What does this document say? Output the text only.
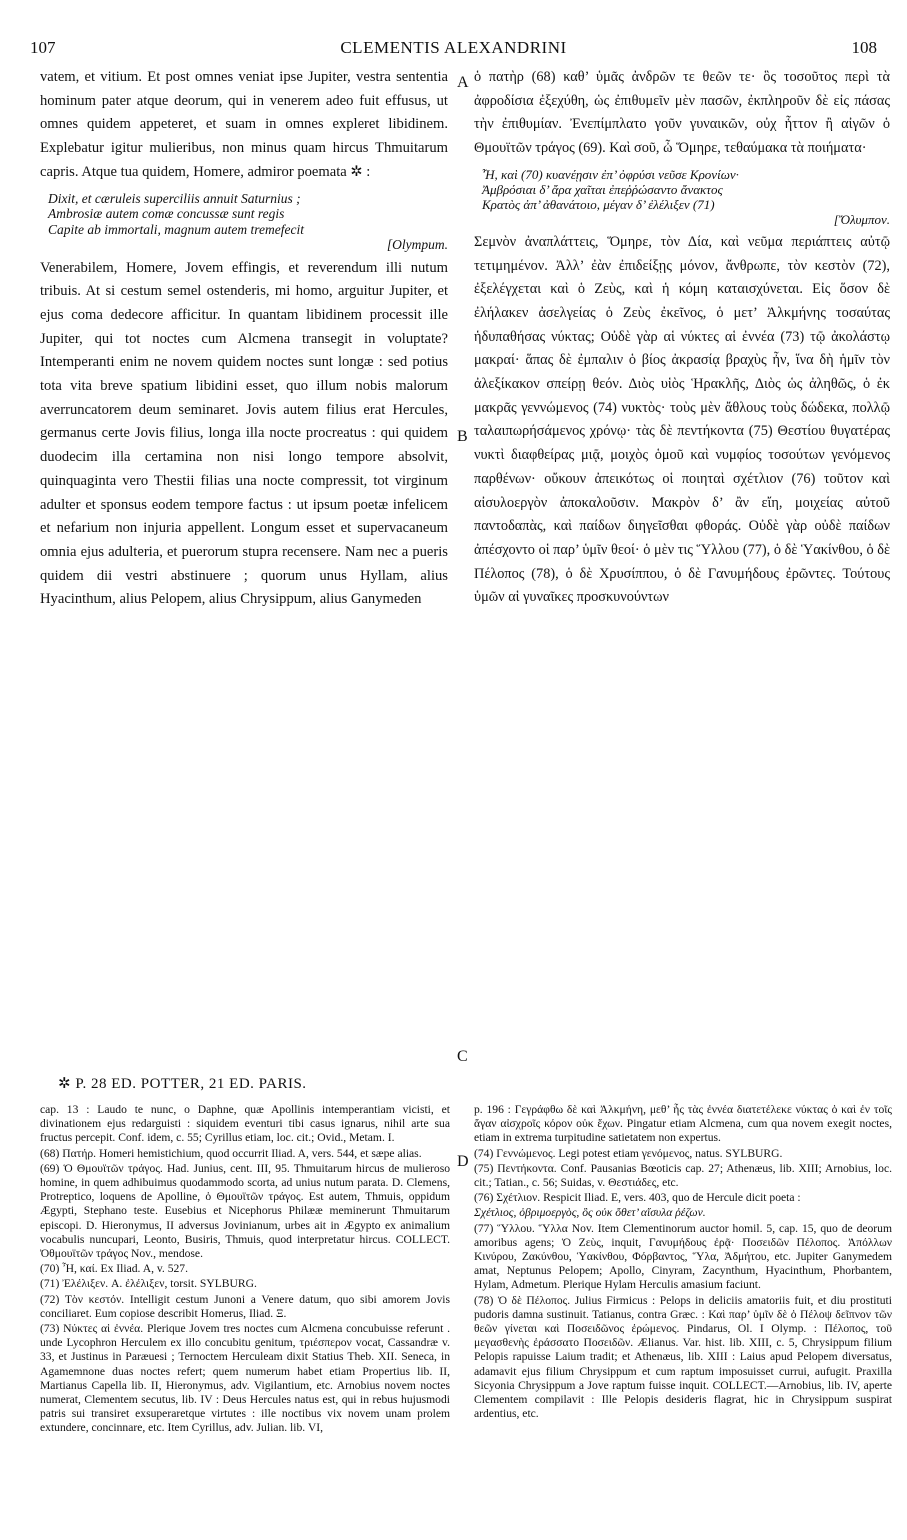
107	CLEMENTIS ALEXANDRINI	108

vatem, et vitium. Et post omnes veniat ipse Jupiter, vestra sententia hominum pater atque deorum, qui in venerem adeo fuit effusus, ut omnes quidem appeteret, et suam in omnes expleret libidinem. Explebatur igitur mulieribus, non minus quam hircus Thmuitarum capris. Atque tua quidem, Homere, admiror poemata ✲ :

Dixit, et cæruleis superciliis annuit Saturnius ;
Ambrosiæ autem comæ concussæ sunt regis
Capite ab immortali, magnum autem tremefecit
[Olympum.

Venerabilem, Homere, Jovem effingis, et reverendum illi nutum tribuis. At si cestum semel ostenderis, mi homo, arguitur Jupiter, et ejus coma dedecore afficitur. In quantam libidinem processit ille Jupiter, qui tot noctes cum Alcmena transegit in voluptate? Intemperanti enim ne novem quidem noctes sunt longæ : sed potius tota vita breve spatium libidini esset, quo illum nobis malorum averruncatorem deum seminaret. Jovis autem filius erat Hercules, germanus certe Jovis filius, longa illa nocte procreatus : qui quidem duodecim illa certamina non nisi longo tempore absolvit, quinquaginta vero Thestii filias una nocte compressit, tot virginum adulter et sponsus eodem tempore factus : ut ipsum poetæ infelicem et nefarium non injuria appellent. Longum esset et supervacaneum omnia ejus adulteria, et puerorum stupra recensere. Nam nec a pueris quidem dii vestri abstinuere ; quorum unus Hyllam, alius Hyacinthum, alius Pelopem, alius Chrysippum, alius Ganymeden

ὁ πατὴρ (68) καθ’ ὑμᾶς ἀνδρῶν τε θεῶν τε· ὃς τοσοῦτος περὶ τὰ ἀφροδίσια ἐξεχύθη, ὡς ἐπιθυμεῖν μὲν πασῶν, ἐκπληροῦν δὲ εἰς πάσας τὴν ἐπιθυμίαν. Ἐνεπίμπλατο γοῦν γυναικῶν, οὐχ ἧττον ἢ αἰγῶν ὁ Θμουϊτῶν τράγος (69). Καὶ σοῦ, ὦ Ὅμηρε, τεθαύμακα τὰ ποιήματα·

Ἦ, καὶ (70) κυανέῃσιν ἐπ’ ὀφρύσι νεῦσε Κρονίων·
Ἀμβρόσιαι δ’ ἄρα χαῖται ἐπεῤῥώσαντο ἄνακτος
Κρατὸς ἀπ’ ἀθανάτοιο, μέγαν δ’ ἐλέλιξεν (71)
[Ὄλυμπον.

Σεμνὸν ἀναπλάττεις, Ὅμηρε, τὸν Δία, καὶ νεῦμα περιάπτεις αὐτῷ τετιμημένον. Ἀλλ’ ἐὰν ἐπιδείξῃς μόνον, ἄνθρωπε, τὸν κεστὸν (72), ἐξελέγχεται καὶ ὁ Ζεὺς, καὶ ἡ κόμη καταισχύνεται. Εἰς ὅσον δὲ ἐλήλακεν ἀσελγείας ὁ Ζεὺς ἐκεῖνος, ὁ μετ’ Ἀλκμήνης τοσαύτας ἡδυπαθήσας νύκτας; Οὐδὲ γὰρ αἱ νύκτες αἱ ἐννέα (73) τῷ ἀκολάστῳ μακραί· ἅπας δὲ ἐμπαλιν ὁ βίος ἀκρασίᾳ βραχὺς ἦν, ἵνα δὴ ἡμῖν τὸν ἀλεξίκακον σπείρῃ θεόν. Διὸς υἱὸς Ἡρακλῆς, Διὸς ὡς ἀληθῶς, ὁ ἐκ μακρᾶς γεννώμενος (74) νυκτὸς· τοὺς μὲν ἄθλους τοὺς δώδεκα, πολλῷ ταλαιπωρήσάμενος χρόνῳ· τὰς δὲ πεντήκοντα (75) Θεστίου θυγατέρας νυκτὶ διαφθείρας μιᾷ, μοιχὸς ὁμοῦ καὶ νυμφίος τοσούτων γενόμενος παρθένων· οὔκουν ἀπεικότως οἱ ποιηταὶ σχέτλιον (76) τοῦτον καὶ αἰσυλοεργὸν ἀποκαλοῦσιν. Μακρὸν δ’ ἂν εἴη, μοιχείας αὐτοῦ παντοδαπὰς, καὶ παίδων διηγεῖσθαι φθοράς. Οὐδὲ γὰρ οὐδὲ παίδων ἀπέσχοντο οἱ παρ’ ὑμῖν θεοί· ὁ μὲν τις Ὕλλου (77), ὁ δὲ Ὑακίνθου, ὁ δὲ Πέλοπος (78), ὁ δὲ Χρυσίππου, ὁ δὲ Γανυμήδους ἐρῶντες. Τούτους ὑμῶν αἱ γυναῖκες προσκυνούντων

A
B
C
D
✲ P. 28 ED. POTTER, 21 ED. PARIS.

cap. 13 : Laudo te nunc, o Daphne, quæ Apollinis intemperantiam vicisti, et divinationem ejus redarguisti : siquidem eventuri tibi casus ignarus, nihil arte sua fructus percepit. Conf. idem, c. 55; Cyrillus etiam, loc. cit.; Ovid., Metam. I.

(68) Πατήρ. Homeri hemistichium, quod occurrit Iliad. A, vers. 544, et sæpe alias.

(69) Ὁ Θμουϊτῶν τράγος. Had. Junius, cent. III, 95. Thmuitarum hircus de mulieroso homine, in quem adhibuimus quodammodo scorta, ad unius nutum parata. D. Clemens, Protreptico, loquens de Apolline, ὁ Θμουϊτῶν τράγος. Est autem, Thmuis, oppidum Ægypti, Stephano teste. Eusebius et Nicephorus Philææ meminerunt Thmuitarum episcopi. D. Hieronymus, II adversus Jovinianum, urbes ait in Ægypto ex animalium vocabulis nuncupari, Leonto, Busiris, Thmuis, quod interpretatur hircus. COLLECT. Ὀθμουϊτῶν τράγος Nov., mendose.

(70) Ἦ, καί. Ex Iliad. A, v. 527.

(71) Ἐλέλιξεν. A. ἐλέλιξεν, torsit. SYLBURG.

(72) Τὸν κεστόν. Intelligit cestum Junoni a Venere datum, quo sibi amorem Jovis conciliaret. Eum copiose describit Homerus, Iliad. Ξ.

(73) Νύκτες αἱ ἐννέα. Plerique Jovem tres noctes cum Alcmena concubuisse referunt . unde Lycophron Herculem ex illo concubitu genitum, τριέσπερον vocat, Cassandræ v. 33, et Justinus in Paræuesi ; Ternoctem Herculeam dixit Statius Theb. XII. Seneca, in Agamemnone duas noctes refert; quem numerum habet etiam Propertius lib. II, Martianus Capella lib. II, Hieronymus, adv. Vigilantium, etc. Arnobius novem noctes numerat, Clementem secutus, lib. IV : Deus Hercules natus est, qui in rebus hujusmodi patris sui transiret exsuperaretque virtutes : ille noctibus vix novem unam prolem extundere, concinnare, etc. Item Cyrillus, adv. Julian. lib. VI,

p. 196 : Γεγράφθω δὲ καὶ Ἀλκμήνη, μεθ’ ἧς τὰς ἐννέα διατετέλεκε νύκτας ὁ καὶ ἐν τοῖς ἄγαν αἰσχροῖς κόρον οὐκ ἔχων. Pingatur etiam Alcmena, cum qua novem exegit noctes, etiam in extrema turpitudine satietatem non expertus.

(74) Γεννώμενος. Legi potest etiam γενόμενος, natus. SYLBURG.

(75) Πεντήκοντα. Conf. Pausanias Bœoticis cap. 27; Athenæus, lib. XIII; Arnobius, loc. cit.; Tatian., c. 56; Suidas, v. Θεστιάδες, etc.

(76) Σχέτλιον. Respicit Iliad. E, vers. 403, quo de Hercule dicit poeta :

Σχέτλιος, ὀβριμοεργὸς, ὃς οὐκ ὄθετ’ αἴσυλα ῥέζων.

(77) Ὕλλου. Ὕλλα Nov. Item Clementinorum auctor homil. 5, cap. 15, quo de deorum amoribus agens; Ὁ Ζεὺς, inquit, Γανυμήδους ἐρᾷ· Ποσειδῶν Πέλοπος. Ἀπόλλων Κινύρου, Ζακύνθου, Ὑακίνθου, Φόρβαντος, Ὕλα, Ἀδμήτου, etc. Jupiter Ganymedem amat, Neptunus Pelopem; Apollo, Cinyram, Zacynthum, Hyacinthum, Phorbantem, Hylam, Admetum. Plerique Hylam Herculis amasium faciunt.

(78) Ὁ δὲ Πέλοπος. Julius Firmicus : Pelops in deliciis amatoriis fuit, et diu prostituti pudoris damna sustinuit. Tatianus, contra Græc. : Καὶ παρ’ ὑμῖν δὲ ὁ Πέλοψ δεῖπνον τῶν θεῶν γίνεται καὶ Ποσειδῶνος ἐρώμενος. Pindarus, Ol. I Olymp. : Πέλοπος, τοῦ μεγασθενὴς ἐράσσατο Ποσειδῶν. Ælianus. Var. hist. lib. XIII, c. 5, Chrysippum filium Pelopis rapuisse Laium tradit; et Athenæus, lib. XIII : Laius apud Pelopem diversatus, adamavit ejus filium Chrysippum et cum raptum imposuisset currui, aufugit. Praxilla Sicyonia Chrysippum a Jove raptum fuisse inquit. COLLECT.—Arnobius, lib. IV, aperte Clementem compilavit : Ille Pelopis desideris flagrat, hic in Chrysippum suspirat ardentius, etc.
